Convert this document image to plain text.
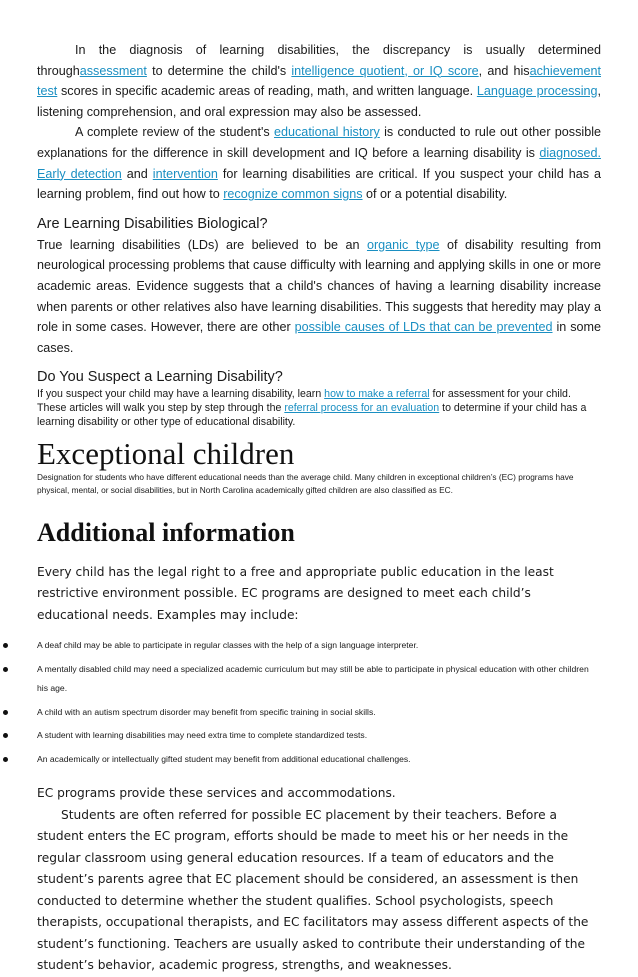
In the diagnosis of learning disabilities, the discrepancy is usually determined throughassessment to determine the child's intelligence quotient, or IQ score, and hisachievement test scores in specific academic areas of reading, math, and written language. Language processing, listening comprehension, and oral expression may also be assessed.

A complete review of the student's educational history is conducted to rule out other possible explanations for the difference in skill development and IQ before a learning disability is diagnosed. Early detection and intervention for learning disabilities are critical. If you suspect your child has a learning problem, find out how to recognize common signs of or a potential disability.

Are Learning Disabilities Biological?

True learning disabilities (LDs) are believed to be an organic type of disability resulting from neurological processing problems that cause difficulty with learning and applying skills in one or more academic areas. Evidence suggests that a child's chances of having a learning disability increase when parents or other relatives also have learning disabilities. This suggests that heredity may play a role in some cases. However, there are other possible causes of LDs that can be prevented in some cases.

Do You Suspect a Learning Disability?

If you suspect your child may have a learning disability, learn how to make a referral for assessment for your child. These articles will walk you step by step through the referral process for an evaluation to determine if your child has a learning disability or other type of educational disability.

Exceptional children

Designation for students who have different educational needs than the average child. Many children in exceptional children’s (EC) programs have physical, mental, or social disabilities, but in North Carolina academically gifted children are also classified as EC.

Additional information

Every child has the legal right to a free and appropriate public education in the least restrictive environment possible. EC programs are designed to meet each child’s educational needs. Examples may include:

A deaf child may be able to participate in regular classes with the help of a sign language interpreter.
A mentally disabled child may need a specialized academic curriculum but may still be able to participate in physical education with other children his age.
A child with an autism spectrum disorder may benefit from specific training in social skills.
A student with learning disabilities may need extra time to complete standardized tests.
An academically or intellectually gifted student may benefit from additional educational challenges.

EC programs provide these services and accommodations.

Students are often referred for possible EC placement by their teachers. Before a student enters the EC program, efforts should be made to meet his or her needs in the regular classroom using general education resources. If a team of educators and the student’s parents agree that EC placement should be considered, an assessment is then conducted to determine whether the student qualifies. School psychologists, speech therapists, occupational therapists, and EC facilitators may assess different aspects of the student’s functioning. Teachers are usually asked to contribute their understanding of the student’s behavior, academic progress, strengths, and weaknesses.
